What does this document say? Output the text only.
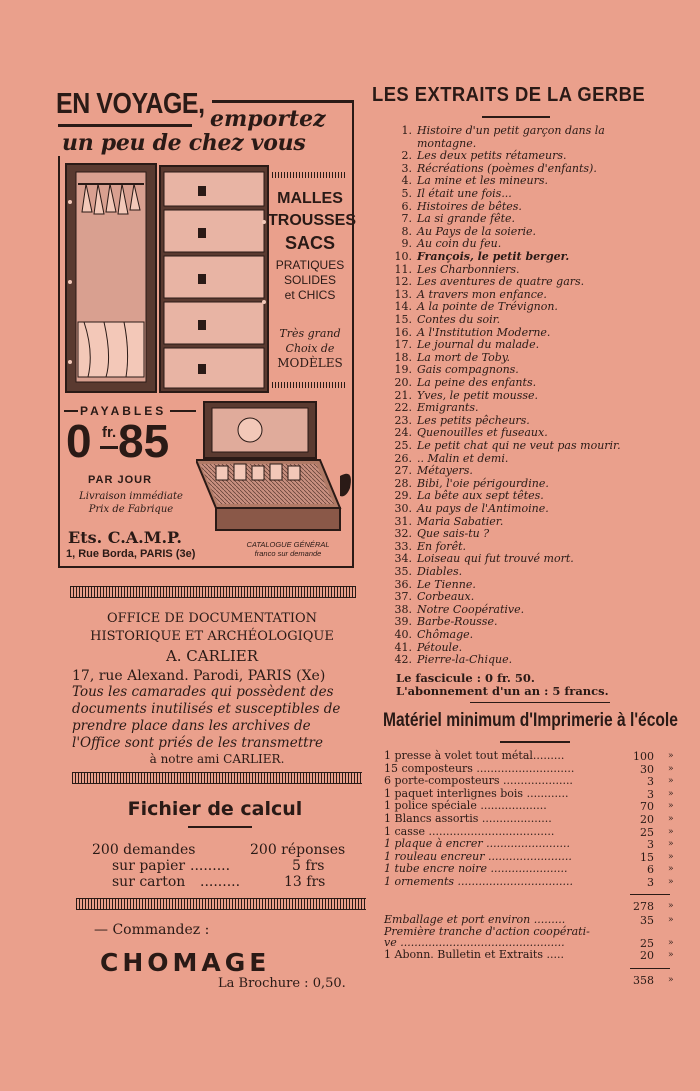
EN VOYAGE, emportez
un peu de chez vous
MALLES
TROUSSES
SACS
PRATIQUES
SOLIDES
et CHICS
Très grand
Choix de
MODÈLES
PAYABLES
0 fr. 85
PAR JOUR
Livraison immédiate
Prix de Fabrique
Ets. C.A.M.P.
1, Rue Borda, PARIS (3e)
CATALOGUE GÉNÉRAL
franco sur demande
OFFICE DE DOCUMENTATION
HISTORIQUE ET ARCHÉOLOGIQUE
A. CARLIER
17, rue Alexand. Parodi, PARIS (Xe)
Tous les camarades qui possèdent des
documents inutilisés et susceptibles de
prendre place dans les archives de
l'Office sont priés de les transmettre
à notre ami CARLIER.
Fichier de calcul
200 demandes	200 réponses
sur papier .........	5 frs
sur carton .........	13 frs
— Commandez :
CHOMAGE
La Brochure : 0,50.
LES EXTRAITS DE LA GERBE
1. Histoire d'un petit garçon dans la
montagne.
2. Les deux petits rétameurs.
3. Récréations (poèmes d'enfants).
4. La mine et les mineurs.
5. Il était une fois...
6. Histoires de bêtes.
7. La si grande fête.
8. Au Pays de la soierie.
9. Au coin du feu.
10. François, le petit berger.
11. Les Charbonniers.
12. Les aventures de quatre gars.
13. A travers mon enfance.
14. A la pointe de Trévignon.
15. Contes du soir.
16. A l'Institution Moderne.
17. Le journal du malade.
18. La mort de Toby.
19. Gais compagnons.
20. La peine des enfants.
21. Yves, le petit mousse.
22. Emigrants.
23. Les petits pêcheurs.
24. Quenouilles et fuseaux.
25. Le petit chat qui ne veut pas mourir.
26. .. Malin et demi.
27. Métayers.
28. Bibi, l'oie périgourdine.
29. La bête aux sept têtes.
30. Au pays de l'Antimoine.
31. Maria Sabatier.
32. Que sais-tu ?
33. En forêt.
34. Loiseau qui fut trouvé mort.
35. Diables.
36. Le Tienne.
37. Corbeaux.
38. Notre Coopérative.
39. Barbe-Rousse.
40. Chômage.
41. Pétoule.
42. Pierre-la-Chique.
Le fascicule : 0 fr. 50.
L'abonnement d'un an : 5 francs.
Matériel minimum d'Imprimerie à l'école
1 presse à volet tout métal.........	100 »
15 composteurs ............................	30 »
6 porte-composteurs ....................	3 »
1 paquet interlignes bois ............	3 »
1 police spéciale ...................	70 »
1 Blancs assortis ....................	20 »
1 casse ....................................	25 »
1 plaque à encrer ........................	3 »
1 rouleau encreur ........................	15 »
1 tube encre noire ......................	6 »
1 ornements .................................	3 »
278 »
Emballage et port environ .........	35 »
Première tranche d'action coopérati-
ve ...............................................	25 »
1 Abonn. Bulletin et Extraits .....	20 »
358 »
